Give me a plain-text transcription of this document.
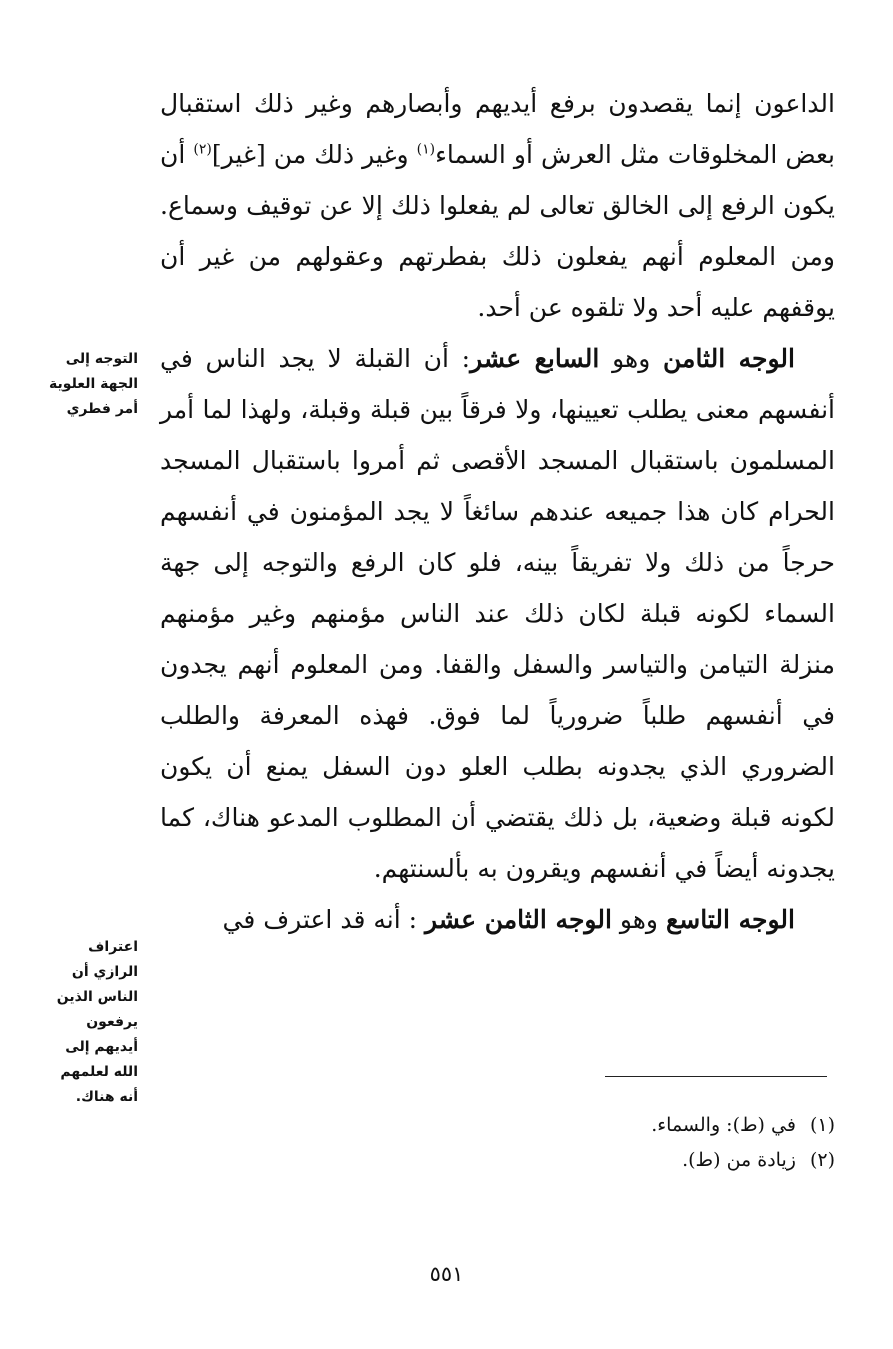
الداعون إنما يقصدون برفع أيديهم وأبصارهم وغير ذلك استقبال بعض المخلوقات مثل العرش أو السماء$^{(١)}$ وغير ذلك من [غير]$^{(٢)}$ أن يكون الرفع إلى الخالق تعالى لم يفعلوا ذلك إلا عن توقيف وسماع. ومن المعلوم أنهم يفعلون ذلك بفطرتهم وعقولهم من غير أن يوقفهم عليه أحد ولا تلقوه عن أحد.

الوجه الثامن وهو السابع عشر: أن القبلة لا يجد الناس في أنفسهم معنى يطلب تعيينها، ولا فرقاً بين قبلة وقبلة، ولهذا لما أمر المسلمون باستقبال المسجد الأقصى ثم أمروا باستقبال المسجد الحرام كان هذا جميعه عندهم سائغاً لا يجد المؤمنون في أنفسهم حرجاً من ذلك ولا تفريقاً بينه، فلو كان الرفع والتوجه إلى جهة السماء لكونه قبلة لكان ذلك عند الناس مؤمنهم وغير مؤمنهم منزلة التيامن والتياسر والسفل والقفا. ومن المعلوم أنهم يجدون في أنفسهم طلباً ضرورياً لما فوق. فهذه المعرفة والطلب الضروري الذي يجدونه بطلب العلو دون السفل يمنع أن يكون لكونه قبلة وضعية، بل ذلك يقتضي أن المطلوب المدعو هناك، كما يجدونه أيضاً في أنفسهم ويقرون به بألسنتهم.

الوجه التاسع وهو الوجه الثامن عشر : أنه قد اعترف في

التوجه إلى الجهة العلوية أمر فطري
اعتراف الرازي أن الناس الذين يرفعون أيديهم إلى الله لعلمهم أنه هناك.
(١)
في (ط): والسماء.
(٢)
زيادة من (ط).
٥٥١
